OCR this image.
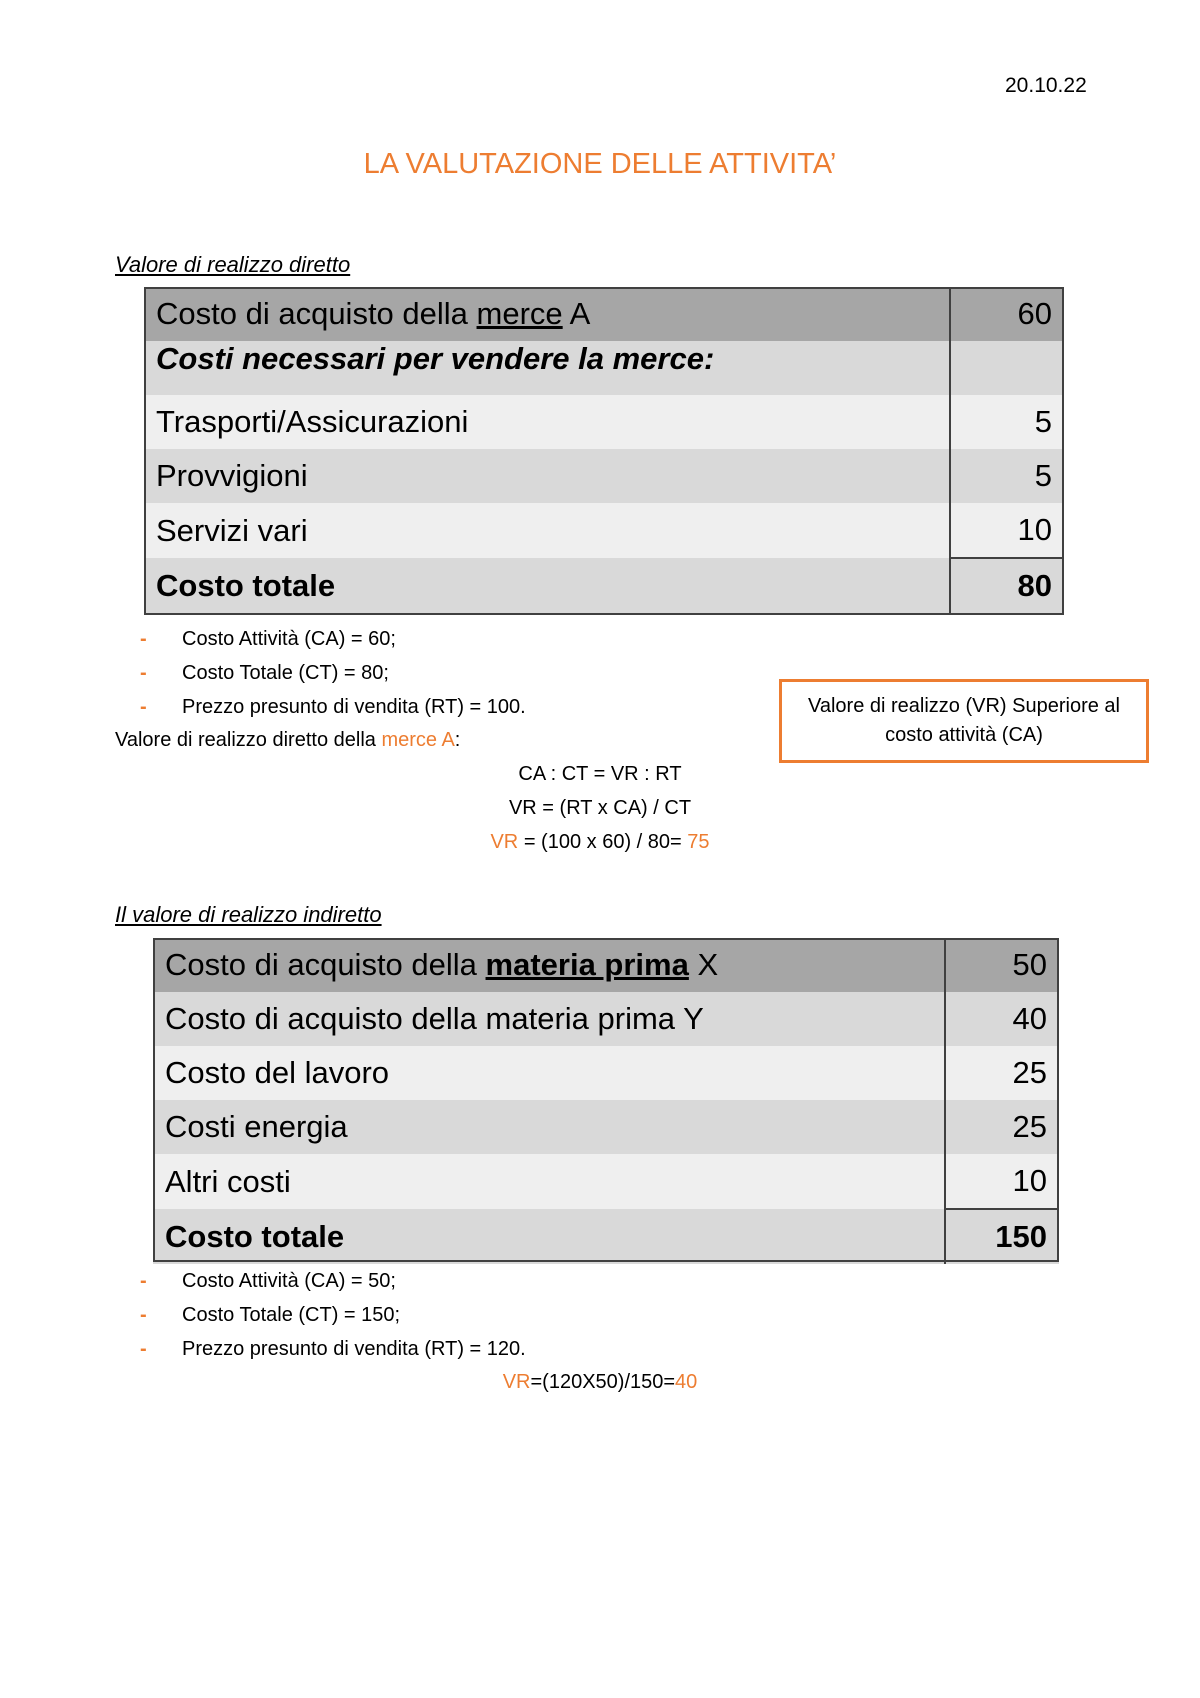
20.10.22
LA VALUTAZIONE DELLE ATTIVITA’
Valore di realizzo diretto
Costo di acquisto della merce A	60
Costi necessari per vendere la merce:	
Trasporti/Assicurazioni	5
Provvigioni	5
Servizi vari	10
Costo totale	80
-	Costo Attività (CA) = 60;
-	Costo Totale (CT) = 80;
-	Prezzo presunto di vendita (RT) = 100.
Valore di realizzo diretto della merce A:
CA : CT = VR : RT
VR = (RT x CA) / CT
VR = (100 x 60) / 80= 75
Valore di realizzo (VR) Superiore al costo attività (CA)
Il valore di realizzo indiretto
Costo di acquisto della materia prima X	50
Costo di acquisto della materia prima Y	40
Costo del lavoro	25
Costi energia	25
Altri costi	10
Costo totale	150
-	Costo Attività (CA) = 50;
-	Costo Totale (CT) = 150;
-	Prezzo presunto di vendita (RT) = 120.
VR=(120X50)/150=40
